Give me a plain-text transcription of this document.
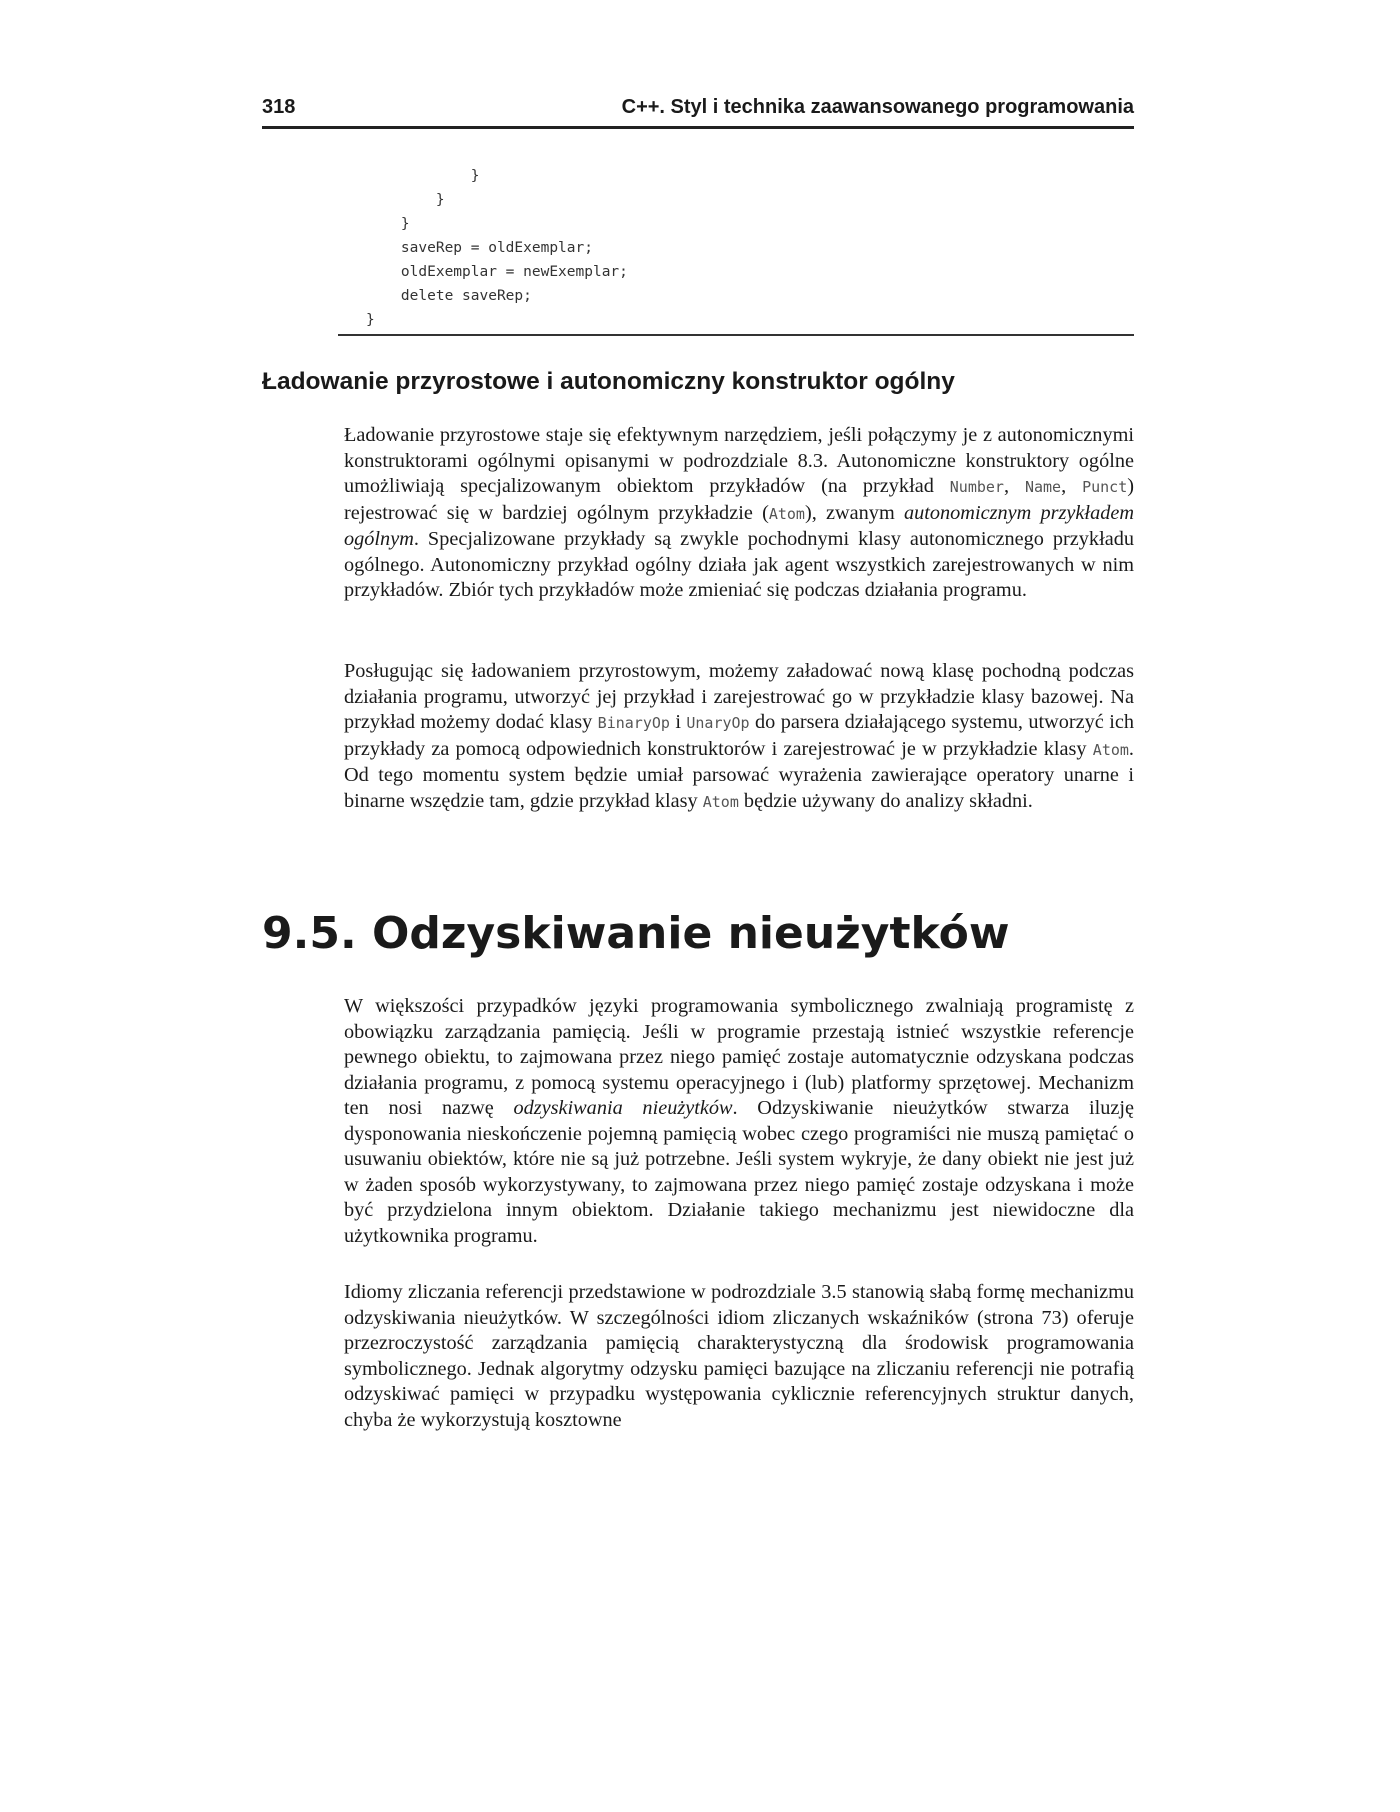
318	C++. Styl i technika zaawansowanego programowania
}
}
}
saveRep = oldExemplar;
oldExemplar = newExemplar;
delete saveRep;
}
Ładowanie przyrostowe i autonomiczny konstruktor ogólny

Ładowanie przyrostowe staje się efektywnym narzędziem, jeśli połączymy je z autonomicznymi konstruktorami ogólnymi opisanymi w podrozdziale 8.3. Autonomiczne konstruktory ogólne umożliwiają specjalizowanym obiektom przykładów (na przykład Number, Name, Punct) rejestrować się w bardziej ogólnym przykładzie (Atom), zwanym autonomicznym przykładem ogólnym. Specjalizowane przykłady są zwykle pochodnymi klasy autonomicznego przykładu ogólnego. Autonomiczny przykład ogólny działa jak agent wszystkich zarejestrowanych w nim przykładów. Zbiór tych przykładów może zmieniać się podczas działania programu.

Posługując się ładowaniem przyrostowym, możemy załadować nową klasę pochodną podczas działania programu, utworzyć jej przykład i zarejestrować go w przykładzie klasy bazowej. Na przykład możemy dodać klasy BinaryOp i UnaryOp do parsera działającego systemu, utworzyć ich przykłady za pomocą odpowiednich konstruktorów i zarejestrować je w przykładzie klasy Atom. Od tego momentu system będzie umiał parsować wyrażenia zawierające operatory unarne i binarne wszędzie tam, gdzie przykład klasy Atom będzie używany do analizy składni.

9.5. Odzyskiwanie nieużytków

W większości przypadków języki programowania symbolicznego zwalniają programistę z obowiązku zarządzania pamięcią. Jeśli w programie przestają istnieć wszystkie referencje pewnego obiektu, to zajmowana przez niego pamięć zostaje automatycznie odzyskana podczas działania programu, z pomocą systemu operacyjnego i (lub) platformy sprzętowej. Mechanizm ten nosi nazwę odzyskiwania nieużytków. Odzyskiwanie nieużytków stwarza iluzję dysponowania nieskończenie pojemną pamięcią wobec czego programiści nie muszą pamiętać o usuwaniu obiektów, które nie są już potrzebne. Jeśli system wykryje, że dany obiekt nie jest już w żaden sposób wykorzystywany, to zajmowana przez niego pamięć zostaje odzyskana i może być przydzielona innym obiektom. Działanie takiego mechanizmu jest niewidoczne dla użytkownika programu.

Idiomy zliczania referencji przedstawione w podrozdziale 3.5 stanowią słabą formę mechanizmu odzyskiwania nieużytków. W szczególności idiom zliczanych wskaźników (strona 73) oferuje przezroczystość zarządzania pamięcią charakterystyczną dla środowisk programowania symbolicznego. Jednak algorytmy odzysku pamięci bazujące na zliczaniu referencji nie potrafią odzyskiwać pamięci w przypadku występowania cyklicznie referencyjnych struktur danych, chyba że wykorzystują kosztowne
